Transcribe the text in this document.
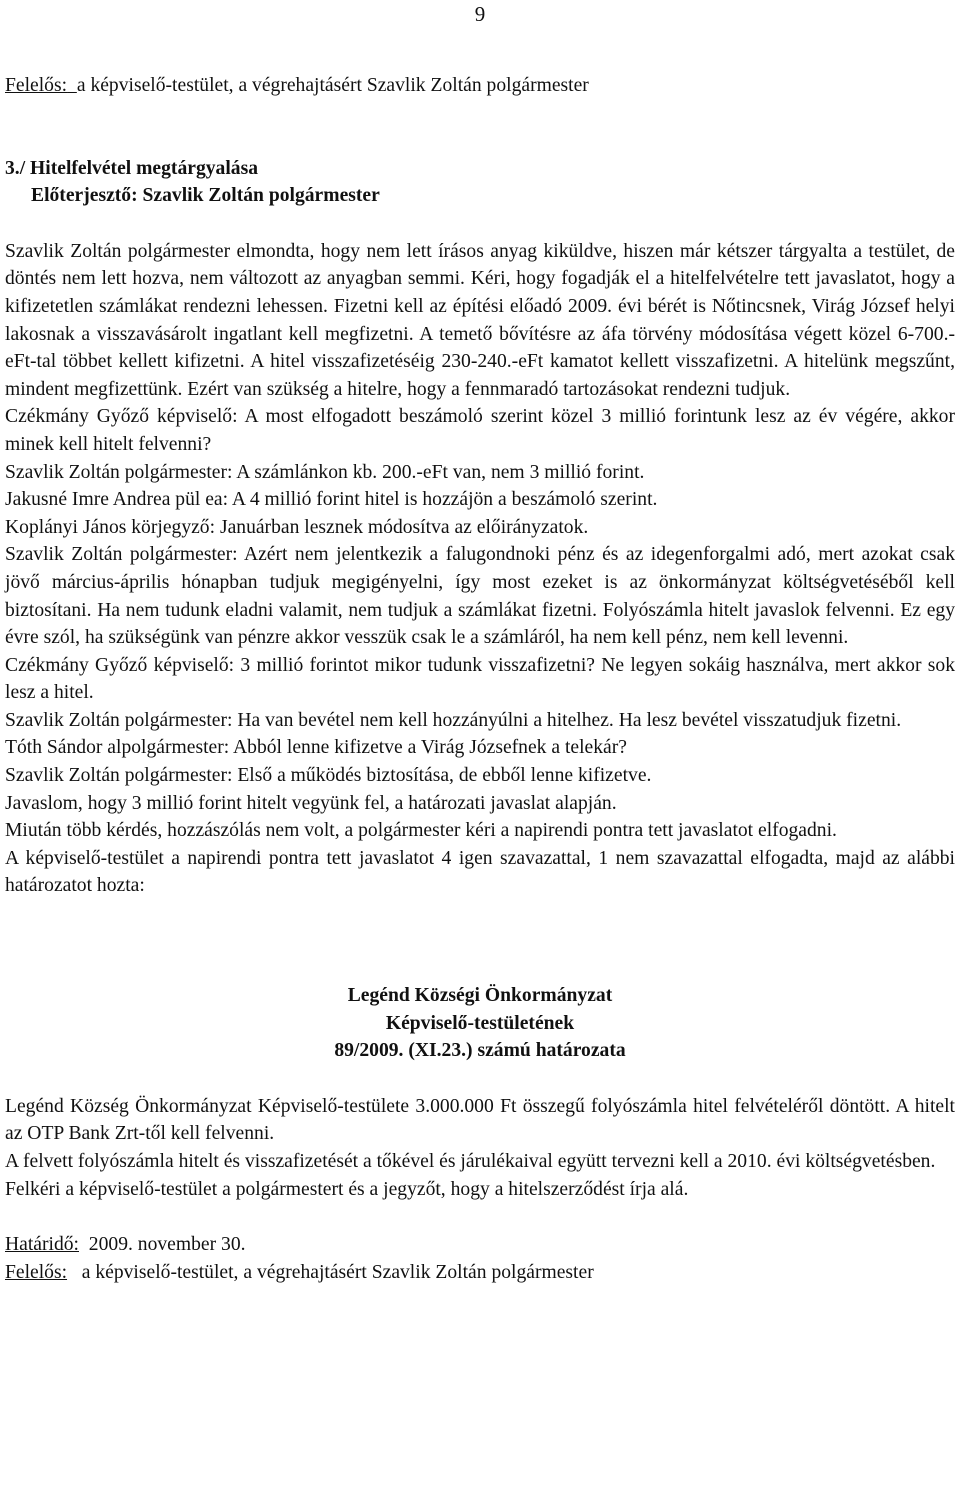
9

Felelős: a képviselő-testület, a végrehajtásért Szavlik Zoltán polgármester

3./ Hitelfelvétel megtárgyalása

Előterjesztő: Szavlik Zoltán polgármester

Szavlik Zoltán polgármester elmondta, hogy nem lett írásos anyag kiküldve, hiszen már kétszer tárgyalta a testület, de döntés nem lett hozva, nem változott az anyagban semmi. Kéri, hogy fogadják el a hitelfelvételre tett javaslatot, hogy a kifizetetlen számlákat rendezni lehessen. Fizetni kell az építési előadó 2009. évi bérét is Nőtincsnek, Virág József helyi lakosnak a visszavásárolt ingatlant kell megfizetni. A temető bővítésre az áfa törvény módosítása végett közel 6-700.- eFt-tal többet kellett kifizetni. A hitel visszafizetéséig 230-240.-eFt kamatot kellett visszafizetni. A hitelünk megszűnt, mindent megfizettünk. Ezért van szükség a hitelre, hogy a fennmaradó tartozásokat rendezni tudjuk.

Czékmány Győző képviselő: A most elfogadott beszámoló szerint közel 3 millió forintunk lesz az év végére, akkor minek kell hitelt felvenni?

Szavlik Zoltán polgármester: A számlánkon kb. 200.-eFt van, nem 3 millió forint.

Jakusné Imre Andrea pül ea: A 4 millió forint hitel is hozzájön a beszámoló szerint.

Koplányi János körjegyző: Januárban lesznek módosítva az előirányzatok.

Szavlik Zoltán polgármester: Azért nem jelentkezik a falugondnoki pénz és az idegenforgalmi adó, mert azokat csak jövő március-április hónapban tudjuk megigényelni, így most ezeket is az önkormányzat költségvetéséből kell biztosítani. Ha nem tudunk eladni valamit, nem tudjuk a számlákat fizetni. Folyószámla hitelt javaslok felvenni. Ez egy évre szól, ha szükségünk van pénzre akkor vesszük csak le a számláról, ha nem kell pénz, nem kell levenni.

Czékmány Győző képviselő: 3 millió forintot mikor tudunk visszafizetni? Ne legyen sokáig használva, mert akkor sok lesz a hitel.

Szavlik Zoltán polgármester: Ha van bevétel nem kell hozzányúlni a hitelhez. Ha lesz bevétel visszatudjuk fizetni.

Tóth Sándor alpolgármester: Abból lenne kifizetve a Virág Józsefnek a telekár?

Szavlik Zoltán polgármester: Első a működés biztosítása, de ebből lenne kifizetve.

Javaslom, hogy 3 millió forint hitelt vegyünk fel, a határozati javaslat alapján.

Miután több kérdés, hozzászólás nem volt, a polgármester kéri a napirendi pontra tett javaslatot elfogadni.

A képviselő-testület a napirendi pontra tett javaslatot 4 igen szavazattal, 1 nem szavazattal elfogadta, majd az alábbi határozatot hozta:

Legénd Községi Önkormányzat

Képviselő-testületének

89/2009. (XI.23.) számú határozata

Legénd Község Önkormányzat Képviselő-testülete 3.000.000 Ft összegű folyószámla hitel felvételéről döntött. A hitelt az OTP Bank Zrt-től kell felvenni.

A felvett folyószámla hitelt és visszafizetését a tőkével és járulékaival együtt tervezni kell a 2010. évi költségvetésben.

Felkéri a képviselő-testület a polgármestert és a jegyzőt, hogy a hitelszerződést írja alá.

Határidő: 2009. november 30.

Felelős: a képviselő-testület, a végrehajtásért Szavlik Zoltán polgármester
